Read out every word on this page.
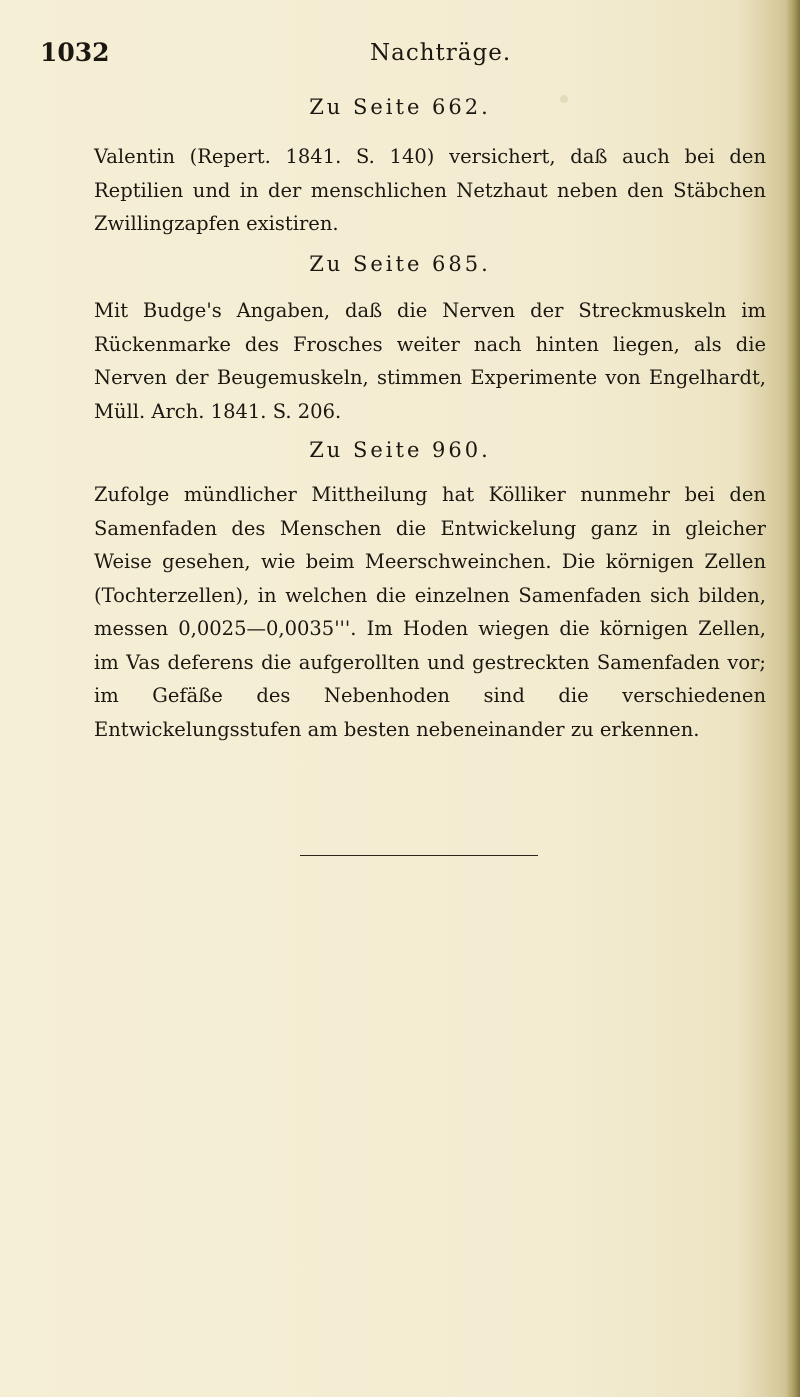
1032	Nachträge.
Zu Seite 662.
Valentin (Repert. 1841. S. 140) versichert, daß auch bei den Reptilien und in der menschlichen Netzhaut neben den Stäbchen Zwillingzapfen existiren.
Zu Seite 685.
Mit Budge's Angaben, daß die Nerven der Streckmuskeln im Rückenmarke des Frosches weiter nach hinten liegen, als die Nerven der Beugemuskeln, stimmen Experimente von Engelhardt, Müll. Arch. 1841. S. 206.
Zu Seite 960.
Zufolge mündlicher Mittheilung hat Kölliker nunmehr bei den Samenfaden des Menschen die Entwickelung ganz in gleicher Weise gesehen, wie beim Meerschweinchen. Die körnigen Zellen (Tochterzellen), in welchen die einzelnen Samenfaden sich bilden, messen 0,0025—0,0035'''. Im Hoden wiegen die körnigen Zellen, im Vas deferens die aufgerollten und gestreckten Samenfaden vor; im Gefäße des Nebenhoden sind die verschiedenen Entwickelungsstufen am besten nebeneinander zu erkennen.
